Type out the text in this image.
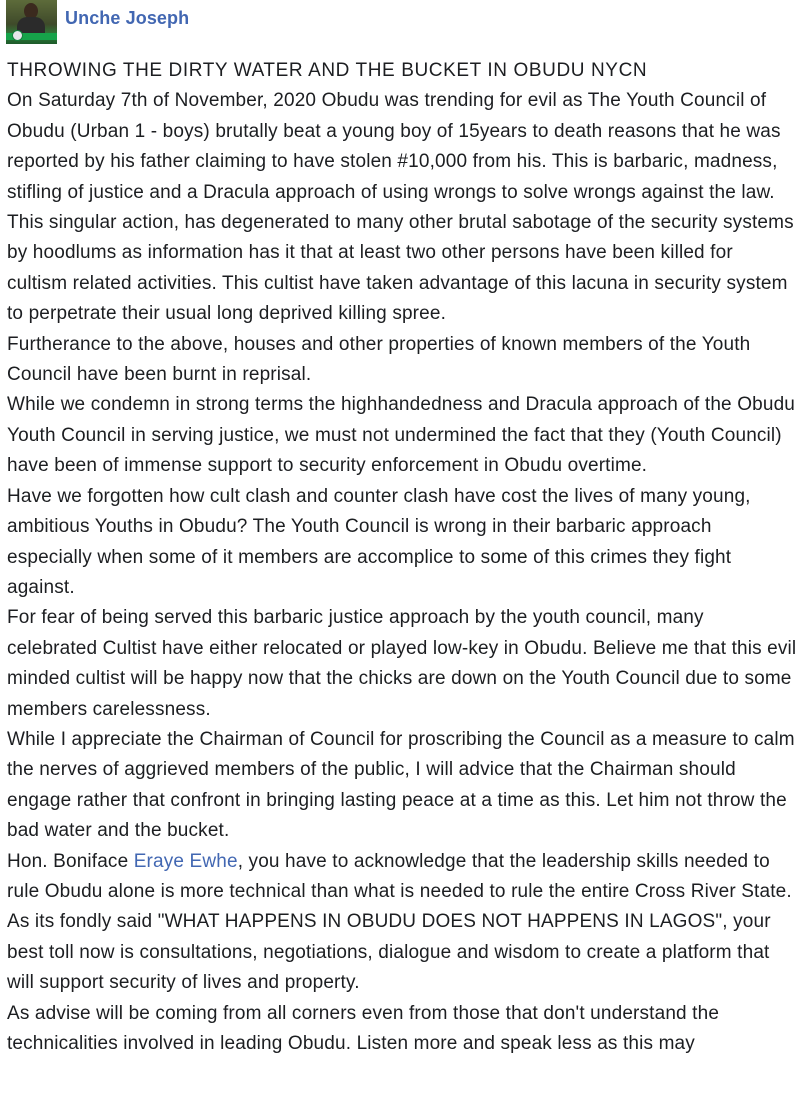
Unche Joseph

THROWING THE DIRTY WATER AND THE BUCKET IN OBUDU NYCN

On Saturday 7th of November, 2020 Obudu was trending for evil as The Youth Council of Obudu (Urban 1 - boys) brutally beat a young boy of 15years to death reasons that he was reported by his father claiming to have stolen #10,000 from his. This is barbaric, madness, stifling of justice and a Dracula approach of using wrongs to solve wrongs against the law.

This singular action, has degenerated to many other brutal sabotage of the security systems by hoodlums as information has it that at least two other persons have been killed for cultism related activities. This cultist have taken advantage of this lacuna in security system to perpetrate their usual long deprived killing spree.

Furtherance to the above, houses and other properties of known members of the Youth Council have been burnt in reprisal.

While we condemn in strong terms the highhandedness and Dracula approach of the Obudu Youth Council in serving justice, we must not undermined the fact that they (Youth Council) have been of immense support to security enforcement in Obudu overtime.

Have we forgotten how cult clash and counter clash have cost the lives of many young, ambitious Youths in Obudu? The Youth Council is wrong in their barbaric approach especially when some of it members are accomplice to some of this crimes they fight against.

For fear of being served this barbaric justice approach by the youth council, many celebrated Cultist have either relocated or played low-key in Obudu. Believe me that this evil minded cultist will be happy now that the chicks are down on the Youth Council due to some members carelessness.

While I appreciate the Chairman of Council for proscribing the Council as a measure to calm the nerves of aggrieved members of the public, I will advice that the Chairman should engage rather that confront in bringing lasting peace at a time as this. Let him not throw the bad water and the bucket.

Hon. Boniface Eraye Ewhe, you have to acknowledge that the leadership skills needed to rule Obudu alone is more technical than what is needed to rule the entire Cross River State. As its fondly said "WHAT HAPPENS IN OBUDU DOES NOT HAPPENS IN LAGOS", your best toll now is consultations, negotiations, dialogue and wisdom to create a platform that will support security of lives and property.

As advise will be coming from all corners even from those that don't understand the technicalities involved in leading Obudu. Listen more and speak less as this may
